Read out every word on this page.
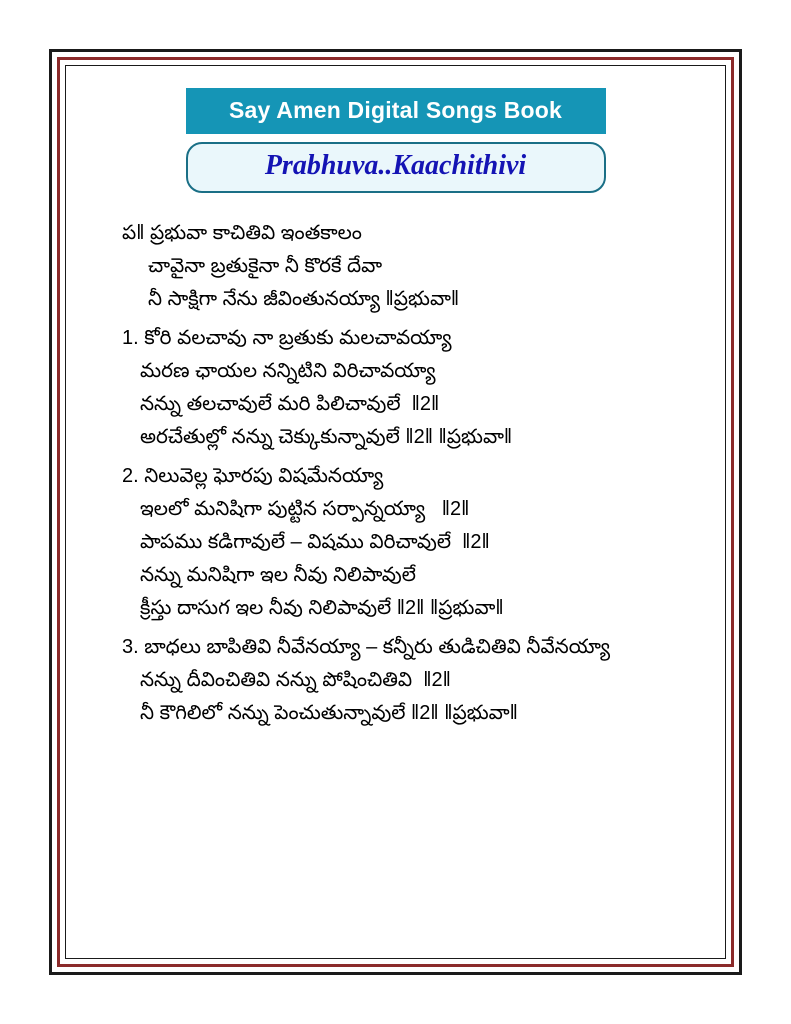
Say Amen Digital Songs Book
Prabhuva..Kaachithivi
ప‖ ప్రభువా కాచితివి ఇంతకాలం
చావైనా బ్రతుకైనా నీ కొరకే దేవా
నీ సాక్షిగా నేను జీవింతునయ్యా ‖ప్రభువా‖
1. కోరి వలచావు నా బ్రతుకు మలచావయ్యా
మరణ ఛాయల నన్నిటిని విరిచావయ్యా
నన్ను తలచావులే మరి పిలిచావులే  ‖2‖
అరచేతుల్లో నన్ను చెక్కుకున్నావులే ‖2‖ ‖ప్రభువా‖
2. నిలువెల్ల ఘోరపు విషమేనయ్యా
ఇలలో మనిషిగా పుట్టిన సర్పాన్నయ్యా   ‖2‖
పాపము కడిగావులే – విషము విరిచావులే  ‖2‖
నన్ను మనిషిగా ఇల నీవు నిలిపావులే
క్రీస్తు దాసుగ ఇల నీవు నిలిపావులే ‖2‖ ‖ప్రభువా‖
3. బాధలు బాపితివి నీవేనయ్యా – కన్నీరు తుడిచితివి నీవేనయ్యా
నన్ను దీవించితివి నన్ను పోషించితివి  ‖2‖
నీ కౌగిలిలో నన్ను పెంచుతున్నావులే ‖2‖ ‖ప్రభువా‖
